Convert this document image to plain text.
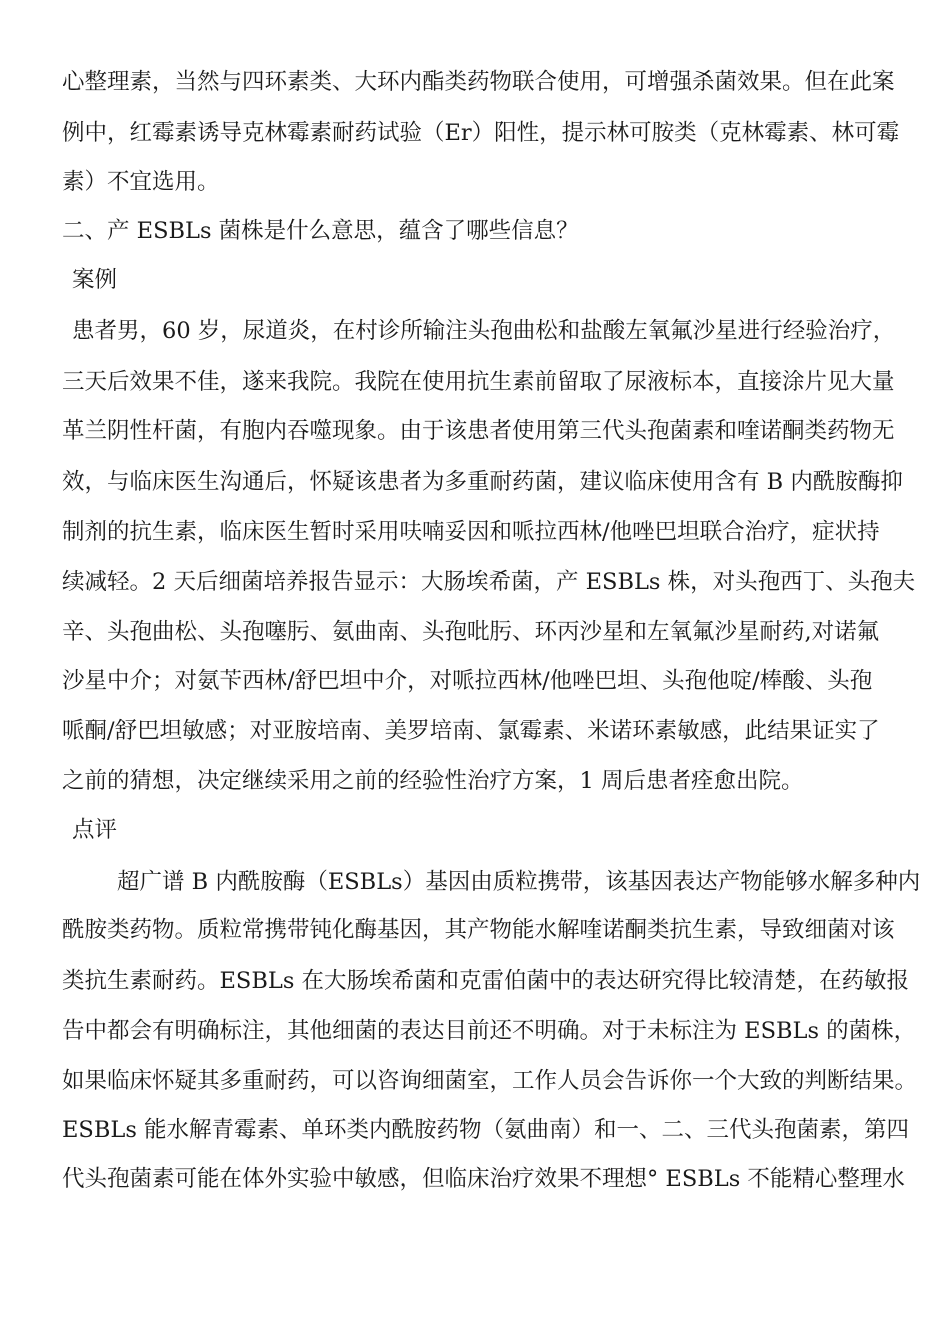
心整理素，当然与四环素类、大环内酯类药物联合使用，可增强杀菌效果。但在此案
例中，红霉素诱导克林霉素耐药试验（Er）阳性，提示林可胺类（克林霉素、林可霉
素）不宜选用。
二、产 ESBLs 菌株是什么意思，蕴含了哪些信息？
案例
患者男，60 岁，尿道炎，在村诊所输注头孢曲松和盐酸左氧氟沙星进行经验治疗，
三天后效果不佳，遂来我院。我院在使用抗生素前留取了尿液标本，直接涂片见大量
革兰阴性杆菌，有胞内吞噬现象。由于该患者使用第三代头孢菌素和喹诺酮类药物无
效，与临床医生沟通后，怀疑该患者为多重耐药菌，建议临床使用含有 B 内酰胺酶抑
制剂的抗生素，临床医生暂时采用呋喃妥因和哌拉西林/他唑巴坦联合治疗，症状持
续减轻。2 天后细菌培养报告显示：大肠埃希菌，产 ESBLs 株，对头孢西丁、头孢夫
辛、头孢曲松、头孢噻肟、氨曲南、头孢吡肟、环丙沙星和左氧氟沙星耐药,对诺氟
沙星中介；对氨苄西林/舒巴坦中介，对哌拉西林/他唑巴坦、头孢他啶/棒酸、头孢
哌酮/舒巴坦敏感；对亚胺培南、美罗培南、氯霉素、米诺环素敏感，此结果证实了
之前的猜想，决定继续采用之前的经验性治疗方案，1 周后患者痊愈出院。
点评
超广谱 B 内酰胺酶（ESBLs）基因由质粒携带，该基因表达产物能够水解多种内
酰胺类药物。质粒常携带钝化酶基因，其产物能水解喹诺酮类抗生素，导致细菌对该
类抗生素耐药。ESBLs 在大肠埃希菌和克雷伯菌中的表达研究得比较清楚，在药敏报
告中都会有明确标注，其他细菌的表达目前还不明确。对于未标注为 ESBLs 的菌株，
如果临床怀疑其多重耐药，可以咨询细菌室，工作人员会告诉你一个大致的判断结果。
ESBLs 能水解青霉素、单环类内酰胺药物（氨曲南）和一、二、三代头孢菌素，第四
代头孢菌素可能在体外实验中敏感，但临床治疗效果不理想° ESBLs 不能精心整理水
